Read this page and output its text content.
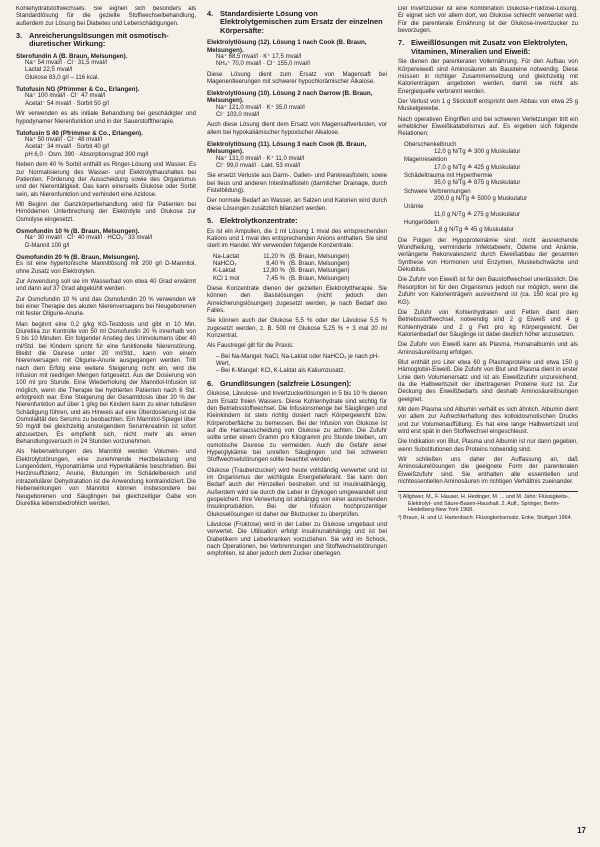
Kohlehydratstoffwechsels. Sie eignen sich besonders als Standardlösung für die gezielte Stoffwechselbehandlung, außerdem zur Lösung bei Diabetes und Leberschädigungen.

3. Anreicherungslösungen mit osmotisch-diuretischer Wirkung:
Sterofundin A (B. Braun, Melsungen).
Na⁺ 54 mval/l · Cl⁻ 31,5 mval/l
Lactat 22,5 mval/l
Glukose 83,0 g/l – 116 kcal.
Tutofusin NG (Pfrimmer & Co., Erlangen).
Na⁺ 100 mval/l · Cl⁻ 47 mval/l
Acetat⁻ 54 mval/l · Sorbit 50 g/l

Wir verwenden es als initiale Behandlung bei geschädigter und hypodynamer Nierenfunktion und in der Sauerstofftherapie.

Tutofusin S 40 (Pfrimmer & Co., Erlangen).
Na⁺ 50 mval/l · Cl⁻ 48 mval/l
Acetat⁻ 34 mval/l · Sorbit 40 g/l
pH 6,0 · Osm. 390 · Absorptionsgrad 300 mg/l

Neben dem 40 % Sorbit enthält es Ringer-Lösung und Wasser. Es zur Normalisierung des Wasser- und Elektrolythaushaltes bei Patienten. Förderung der Ausscheidung sowie des Organismus und der Nierentätigkeit. Das kann einerseits Glukose oder Sorbit sein, als Nierenfunktion und verhindert eine Azidose.

Mit Beginn der Ganzkörperbehandlung wird für Patienten bei Hirnödemen Unterbrechung der Elektrolyte und Glukose zur Osmolyse eingesetzt.

Osmofundin 10 % (B. Braun, Melsungen).
Na⁺ 30 mval/l · Cl⁻ 40 mval/l · HCO₃⁻ 33 mval/l
D-Mannit 100 g/l
Osmofundin 20 % (B. Braun, Melsungen).

Es ist eine hypertonische Mannitlösung mit 200 g/l D-Mannitol, ohne Zusatz von Elektrolyten.

Zur Anwendung soll sie im Wasserbad von etwa 40 Grad erwärmt und dann auf 37 Grad abgekühlt werden.

Zur Osmofundin 10 % und das Osmofundin 20 % verwenden wir bei einer Therapie des akuten Nierenversagens bei Neugeborenen mit fester Oligurie-Anurie.

Man beginnt eine 0,2 g/kg KG-Testdosis und gibt in 10 Min. Diuretika zur Kontrolle von 50 ml Osmofundin 20 % innerhalb von 5 bis 10 Minuten. Ein folgender Anstieg des Urinvolumens über 40 ml/Std. bei Kindern spricht für eine funktionelle Nierenstörung. Bleibt die Diurese unter 20 ml/Std., kann von einem Nierenversagen mit Oligurie-Anurie ausgegangen werden. Tritt nach dem Erfolg eine weitere Steigerung nicht ein, wird die Infusion mit niedrigen Mengen fortgesetzt. Aus der Dosierung von 100 ml pro Stunde. Eine Wiederholung der Mannitol-Infusion ist möglich, wenn die Therapie bei hydrierten Patienten nach 6 Std. erfolgreich war. Eine Steigerung der Gesamtdosis über 20 % der Nierenfunktion auf über 1 g/kg bei Kindern kann zu einer tubulären Schädigung führen, und als Hinweis auf eine Überdosierung ist die Osmolalität des Serums zu beobachten. Ein Mannitol-Spiegel über 50 mg/dl bei gleichzeitig ansteigendem Serumkreatinin ist sofort abzusetzen. Es empfiehlt sich, nicht mehr als einen Behandlungsversuch in 24 Stunden vorzunehmen.

Als Nebenwirkungen des Mannitol werden Volumen- und Elektrolytstörungen, eine zunehmende Herzbelastung und Lungenödem, Hyponatriämie und Hyperkaliämie beschrieben. Bei Herzinsuffizienz, Anurie, Blutungen im Schädelbereich und intrazellulärer Dehydratation ist die Anwendung kontraindiziert. Die Nebenwirkungen von Mannitol können insbesondere bei Neugeborenen und Säuglingen bei gleichzeitiger Gabe von Diuretika lebensbedrohlich werden.

4. Standardisierte Lösung von Elektrolytgemischen zum Ersatz der einzelnen Körpersäfte:
Elektrolytlösung (12). Lösung 1 nach Cook (B. Braun, Melsungen).
Na⁺ 68,5 mval/l · K⁺ 17,5 mval/l
NH₄⁺ 70,0 mval/l · Cl⁻ 155,0 mval/l

Diese Lösung dient zum Ersatz von Magensaft bei Magenentleerungen mit schwerer hypochlorämischer Alkalose.

Elektrolytlösung (10). Lösung 2 nach Darrow (B. Braun, Melsungen).
Na⁺ 121,0 mval/l · K⁺ 35,0 mval/l
Cl⁻ 103,0 mval/l

Auch diese Lösung dient dem Ersatz von Magensaftverlusten, vor allem bei hypokaliämischer hypoxischer Alkalose.

Elektrolytlösung (11). Lösung 3 nach Cook (B. Braun, Melsungen).
Na⁺ 131,0 mval/l · K⁺ 11,0 mval/l
Cl⁻ 99,0 mval/l · Lakt. 53 mval/l

Sie ersetzt Verluste aus Darm-, Gallen- und Pankreasfisteln, sowie bei Ileus und anderen Intestinalfisteln (darmlicher Drainage, durch Fistelbildung).

Der normale Bedarf an Wasser, an Salzen und Kalorien wird durch diese Lösungen zusätzlich bilanziert werden.

5. Elektrolytkonzentrate:

Es ist ein Ampullen, die 1 ml Lösung 1 mval des entsprechenden Kations und 1 mval des entsprechenden Anions enthalten. Sie sind steril im Handel. Wir verwenden folgende Konzentrate:

Na-Lactat	11,20 %	(B. Braun, Melsungen)
NaHCO₃	8,40 %	(B. Braun, Melsungen)
K-Laktat	12,80 %	(B. Braun, Melsungen)
KCl 1 mol	7,45 %	(B. Braun, Melsungen)

Diese Konzentrate dienen der gezielten Elektrolyttherapie. Sie können den Basislösungen (nicht jedoch den Anreicherungslösungen) zugesetzt werden, je nach Bedarf des Falles.

Sie können auch der Glukose 5,5 % oder der Lävulose 5,5 % zugesetzt werden, z. B. 500 ml Glukose 5,25 % + 3 mal 20 ml Konzentrat.

Als Faustregel gilt für die Praxis:

– Bei Na-Mangel: NaCl, Na-Laktat oder NaHCO₃ je nach pH-Wert,
– Bei K-Mangel: KCl, K-Laktat als Kaliumzusatz.
6. Grundlösungen (salzfreie Lösungen):

Glukose, Lävulose- und Invertzuckerlösungen in 5 bis 10 % dienen zum Ersatz freien Wassers. Diese Kohlenhydrate sind wichtig für den Betriebsstoffwechsel. Die Infusionsmenge bei Säuglingen und Kleinkindern ist stets richtig dosiert nach Körpergewicht bzw. Körperoberfläche zu bemessen. Bei der Infusion von Glukose ist auf die Harnausscheidung von Glukose zu achten. Die Zufuhr sollte unter einem Gramm pro Kilogramm pro Stunde bleiben, um osmotische Diurese zu vermeiden. Auch die Gefahr einer Hyperglykämie bei unreifen Säuglingen und bei schweren Stoffwechselstörungen sollte beachtet werden.

Glukose (Traubenzucker) wird heute vollständig verwertet und ist im Organismus der wichtigste Energielieferant. Sie kann den Bedarf auch der Hirnzellen bestreiten und ist insulinabhängig. Außerdem wird sie durch die Leber in Glykogen umgewandelt und gespeichert. Ihre Verwertung ist abhängig von einer ausreichenden Insulinproduktion. Bei der Infusion hochprozentiger Glukoselösungen ist daher der Blutzucker zu überprüfen.

Lävulose (Fruktose) wird in der Leber zu Glukose umgebaut und verwertet. Die Utilisation erfolgt insulinunabhängig und ist bei Diabetikern und Leberkranken vorzuziehen. Sie wird im Schock, nach Operationen, bei Verbrennungen und Stoffwechselstörungen empfohlen, ist aber jedoch dem Zucker überlegen.

Der Invertzucker ist eine Kombination Glukose-Fruktose-Lösung. Er eignet sich vor allem dort, wo Glukose schlecht verwertet wird. Für die parenterale Ernährung ist der Glukose-Invertzucker zu bevorzugen.

7. Eiweißlösungen mit Zusatz von Elektrolyten, Vitaminen, Mineralien und Eiweiß:

Sie dienen der parenteralen Vollernährung. Für den Aufbau von Körpereiweiß sind Aminosäuren als Bausteine notwendig. Diese müssen in richtiger Zusammensetzung und gleichzeitig mit Kalorienträgern angeboten werden, damit sie nicht als Energiequelle verbrannt werden.

Der Verlust von 1 g Stickstoff entspricht dem Abbau von etwa 25 g Muskelgewebe.

Nach operativen Eingriffen und bei schweren Verletzungen tritt ein erheblicher Eiweißkatabolismus auf. Es ergeben sich folgende Relationen:

Oberschenkelbruch
12,0 g N/Tg ≙ 300 g Muskulatur
Magenresektion
17,0 g N/Tg ≙ 425 g Muskulatur
Schädeltrauma mit Hyperthermie
35,0 g N/Tg ≙ 875 g Muskulatur
Schwere Verbrennungen
200,0 g N/Tg ≙ 5000 g Muskulatur
Urämie
11,0 g N/Tg ≙ 275 g Muskulatur
Hungerödem
1,8 g N/Tg ≙ 45 g Muskulatur

Die Folgen der Hypoproteinämie sind: nicht ausreichende Wundheilung, verminderte Infektabwehr, Ödeme und Anämie, verlängerte Rekonvaleszenz durch Eiweißabbau der gesamten Synthese von Hormonen und Enzymen, Muskelschwäche und Dekubitus.

Die Zufuhr von Eiweiß ist für den Baustoffwechsel unerlässlich. Die Resorption ist für den Organismus jedoch nur möglich, wenn die Zufuhr von Kalorienträgern ausreichend ist (ca. 150 kcal pro kg KG).

Die Zufuhr von Kohlenhydraten und Fetten dient dem Betriebsstoffwechsel, notwendig sind 2 g Eiweiß und 4 g Kohlenhydrate und 2 g Fett pro kg Körpergewicht. Der Kalorienbedarf der Säuglinge ist dabei deutlich höher anzusetzen.

Die Zufuhr von Eiweiß kann als Plasma, Humanalbumin und als Aminosäurelösung erfolgen.

Blut enthält pro Liter etwa 60 g Plasmaproteine und etwa 150 g Hämoglobin-Eiweiß. Die Zufuhr von Blut und Plasma dient in erster Linie dem Volumenersatz und ist als Eiweißzufuhr unzureichend, da die Halbwertszeit der übertragenen Proteine kurz ist. Zur Deckung des Eiweißbedarfs sind deshalb Aminosäurelösungen geeignet.

Mit dem Plasma und Albumin verhält es sich ähnlich. Albumin dient vor allem zur Aufrechterhaltung des kolloidosmotischen Drucks und zur Volumenauffüllung. Es hat eine lange Halbwertszeit und wird erst spät in den Stoffwechsel eingeschleust.

Die Indikation von Blut, Plasma und Albumin ist nur dann gegeben, wenn Substitutionen des Proteins notwendig sind.

Wir schließen uns daher der Auffassung an, daß Aminosäurelösungen die geeignete Form der parenteralen Eiweißzufuhr sind. Sie enthalten alle essentiellen und nichtessentiellen Aminosäuren im richtigen Verhältnis zueinander.

¹) Allgöwer, M., F. Hauser, H. Hedinger, M. ... und M. Jahn: Flüssigkeits-, Elektrolyt- und Säure-Basen-Haushalt. 2. Aufl., Springer, Berlin-Heidelberg-New York 1968.
²) Braun, H. und U. Hartenbach: Flüssigkeitsersatz. Enke, Stuttgart 1964.
17
